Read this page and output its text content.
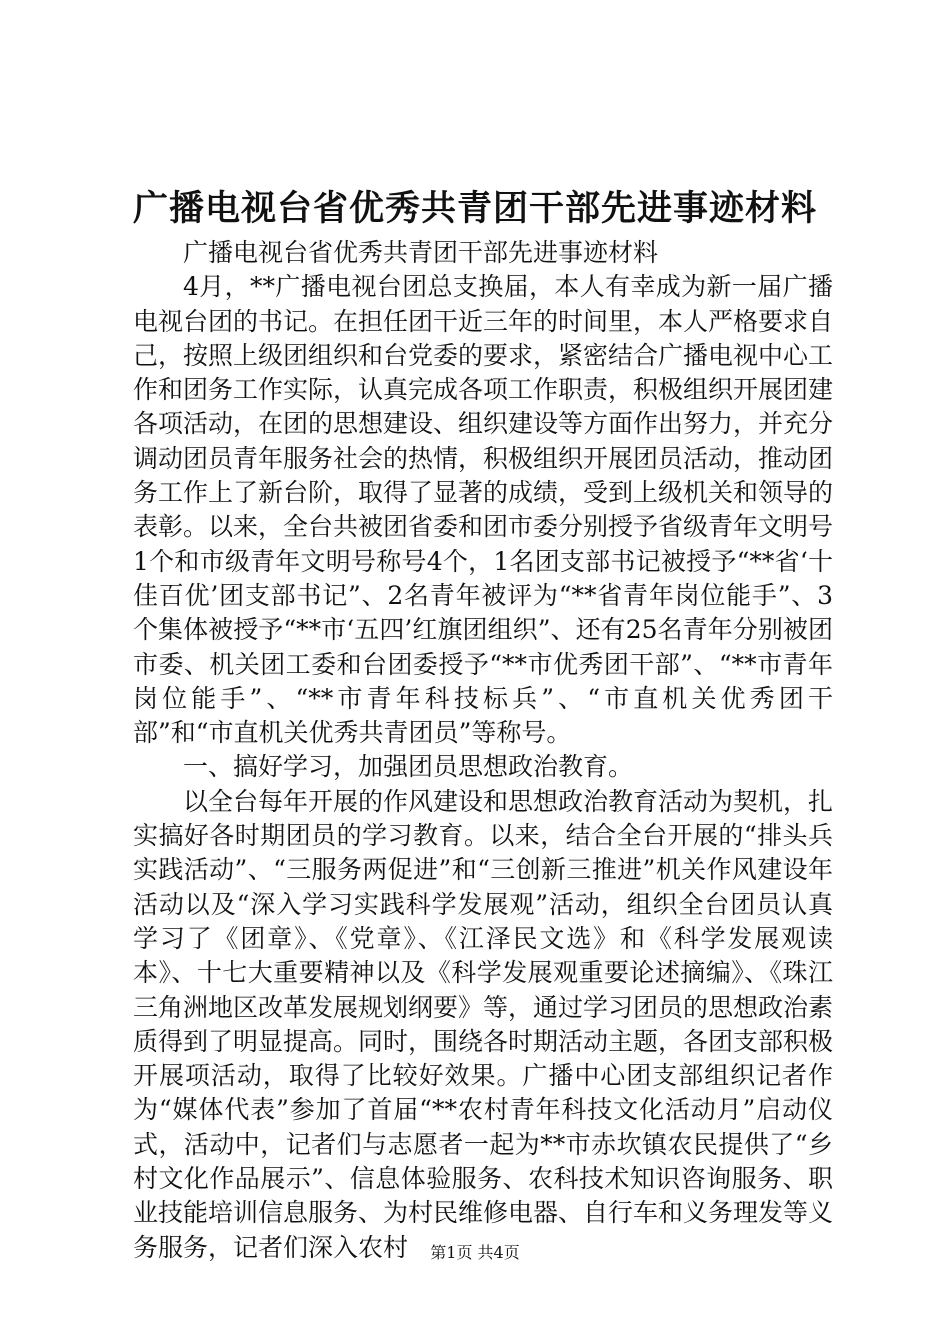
广播电视台省优秀共青团干部先进事迹材料

广播电视台省优秀共青团干部先进事迹材料

4月，**广播电视台团总支换届，本人有幸成为新一届广播电视台团的书记。在担任团干近三年的时间里，本人严格要求自己，按照上级团组织和台党委的要求，紧密结合广播电视中心工作和团务工作实际，认真完成各项工作职责，积极组织开展团建各项活动，在团的思想建设、组织建设等方面作出努力，并充分调动团员青年服务社会的热情，积极组织开展团员活动，推动团务工作上了新台阶，取得了显著的成绩，受到上级机关和领导的表彰。以来，全台共被团省委和团市委分别授予省级青年文明号1个和市级青年文明号称号4个，1名团支部书记被授予“**省‘十佳百优’团支部书记”、2名青年被评为“**省青年岗位能手”、3个集体被授予“**市‘五四’红旗团组织”、还有25名青年分别被团市委、机关团工委和台团委授予“**市优秀团干部”、“**市青年岗位能手”、“**市青年科技标兵”、“市直机关优秀团干部”和“市直机关优秀共青团员”等称号。

一、搞好学习，加强团员思想政治教育。

以全台每年开展的作风建设和思想政治教育活动为契机，扎实搞好各时期团员的学习教育。以来，结合全台开展的“排头兵实践活动”、“三服务两促进”和“三创新三推进”机关作风建设年活动以及“深入学习实践科学发展观”活动，组织全台团员认真学习了《团章》、《党章》、《江泽民文选》和《科学发展观读本》、十七大重要精神以及《科学发展观重要论述摘编》、《珠江三角洲地区改革发展规划纲要》等，通过学习团员的思想政治素质得到了明显提高。同时，围绕各时期活动主题，各团支部积极开展项活动，取得了比较好效果。广播中心团支部组织记者作为“媒体代表”参加了首届“**农村青年科技文化活动月”启动仪式，活动中，记者们与志愿者一起为**市赤坎镇农民提供了“乡村文化作品展示”、信息体验服务、农科技术知识咨询服务、职业技能培训信息服务、为村民维修电器、自行车和义务理发等义务服务，记者们深入农村	第1页 共4页
